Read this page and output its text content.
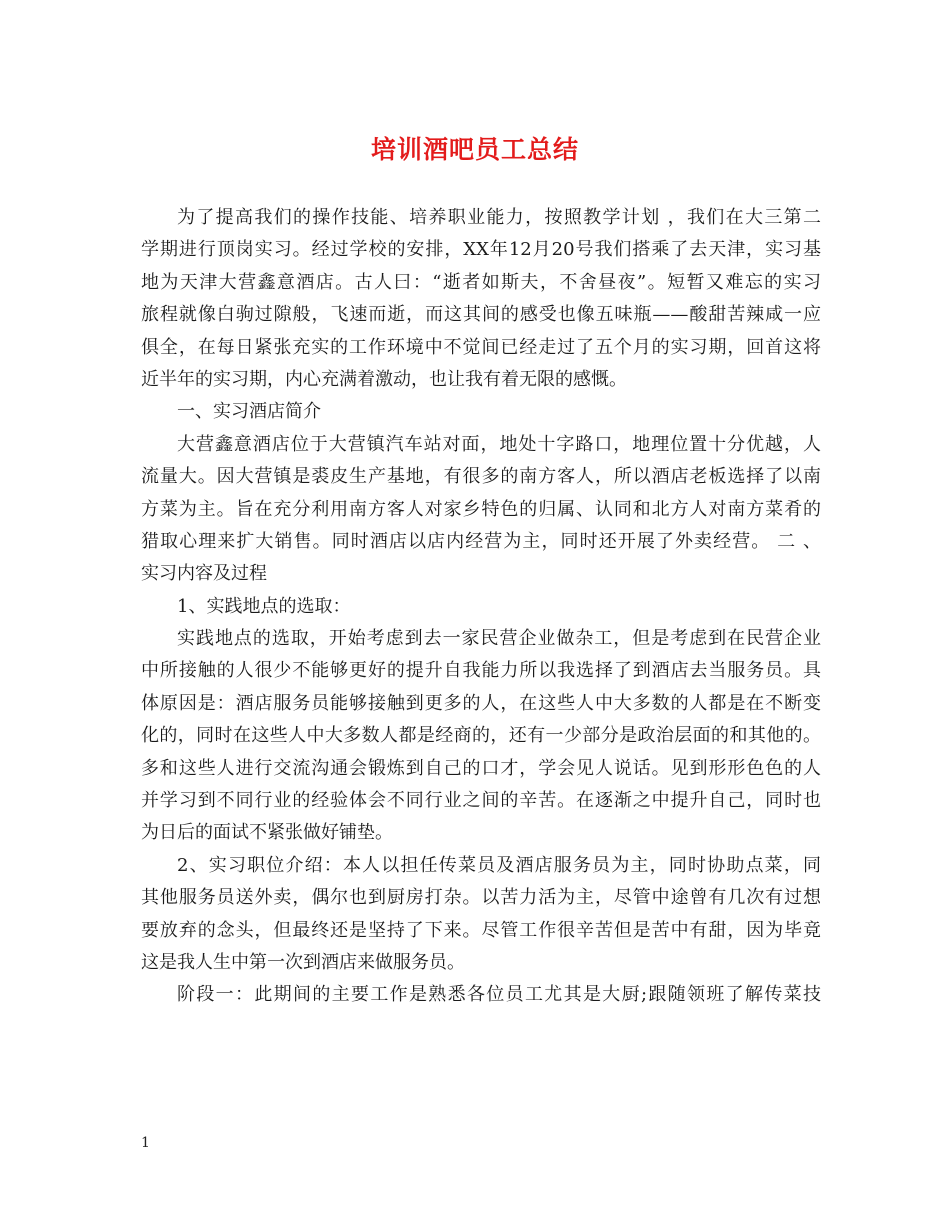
培训酒吧员工总结
为了提高我们的操作技能、培养职业能力，按照教学计划 ，我们在大三第二
学期进行顶岗实习。经过学校的安排，XX年12月20号我们搭乘了去天津，实习基
地为天津大营鑫意酒店。古人曰：“逝者如斯夫，不舍昼夜”。短暂又难忘的实习
旅程就像白驹过隙般，飞速而逝，而这其间的感受也像五味瓶——酸甜苦辣咸一应
俱全，在每日紧张充实的工作环境中不觉间已经走过了五个月的实习期，回首这将
近半年的实习期，内心充满着激动，也让我有着无限的感慨。
一、实习酒店简介
大营鑫意酒店位于大营镇汽车站对面，地处十字路口，地理位置十分优越，人
流量大。因大营镇是裘皮生产基地，有很多的南方客人，所以酒店老板选择了以南
方菜为主。旨在充分利用南方客人对家乡特色的归属、认同和北方人对南方菜肴的
猎取心理来扩大销售。同时酒店以店内经营为主，同时还开展了外卖经营。 二 、
实习内容及过程
1、实践地点的选取：
实践地点的选取，开始考虑到去一家民营企业做杂工，但是考虑到在民营企业
中所接触的人很少不能够更好的提升自我能力所以我选择了到酒店去当服务员。具
体原因是：酒店服务员能够接触到更多的人，在这些人中大多数的人都是在不断变
化的，同时在这些人中大多数人都是经商的，还有一少部分是政治层面的和其他的。
多和这些人进行交流沟通会锻炼到自己的口才，学会见人说话。见到形形色色的人
并学习到不同行业的经验体会不同行业之间的辛苦。在逐渐之中提升自己，同时也
为日后的面试不紧张做好铺垫。
2、实习职位介绍：本人以担任传菜员及酒店服务员为主，同时协助点菜，同
其他服务员送外卖，偶尔也到厨房打杂。以苦力活为主，尽管中途曾有几次有过想
要放弃的念头，但最终还是坚持了下来。尽管工作很辛苦但是苦中有甜，因为毕竟
这是我人生中第一次到酒店来做服务员。
阶段一：此期间的主要工作是熟悉各位员工尤其是大厨;跟随领班了解传菜技
1
